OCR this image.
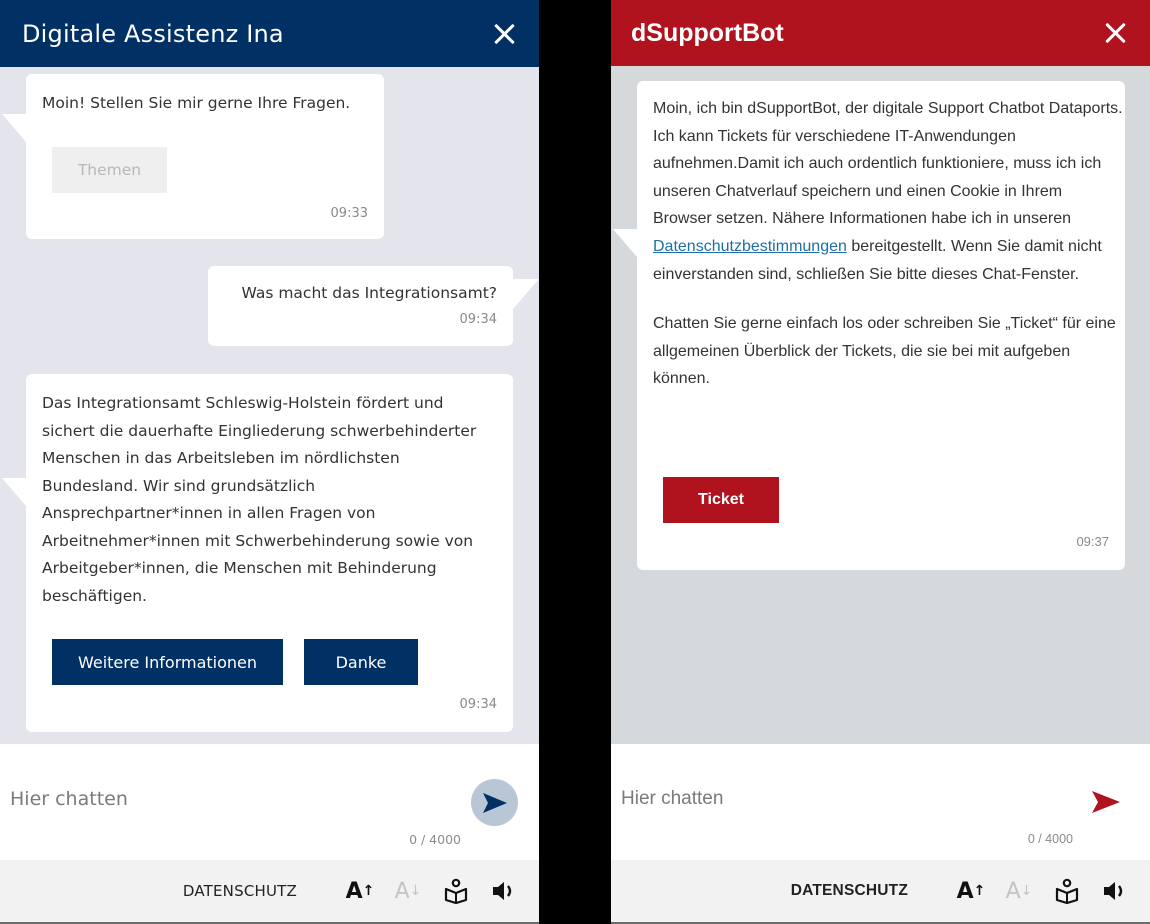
Digitale Assistenz Ina
Moin! Stellen Sie mir gerne Ihre Fragen.
Themen
09:33
Was macht das Integrationsamt?
09:34
Das Integrationsamt Schleswig-Holstein fördert und sichert die dauerhafte Eingliederung schwerbehinderter Menschen in das Arbeitsleben im nördlichsten Bundesland. Wir sind grundsätzlich Ansprechpartner*innen in allen Fragen von Arbeitnehmer*innen mit Schwerbehinderung sowie von Arbeitgeber*innen, die Menschen mit Behinderung beschäftigen.
Weitere Informationen	Danke
09:34
Hier chatten
0 / 4000
DATENSCHUTZ A ↑ A ↓
dSupportBot

Moin, ich bin dSupportBot, der digitale Support Chatbot Dataports. Ich kann Tickets für verschiedene IT-Anwendungen aufnehmen.Damit ich auch ordentlich funktioniere, muss ich ich unseren Chatverlauf speichern und einen Cookie in Ihrem Browser setzen. Nähere Informationen habe ich in unseren Datenschutzbestimmungen bereitgestellt. Wenn Sie damit nicht einverstanden sind, schließen Sie bitte dieses Chat-Fenster.

Chatten Sie gerne einfach los oder schreiben Sie „Ticket“ für eine allgemeinen Überblick der Tickets, die sie bei mit aufgeben können.

Ticket
09:37
Hier chatten
0 / 4000
DATENSCHUTZ A ↑ A ↓
